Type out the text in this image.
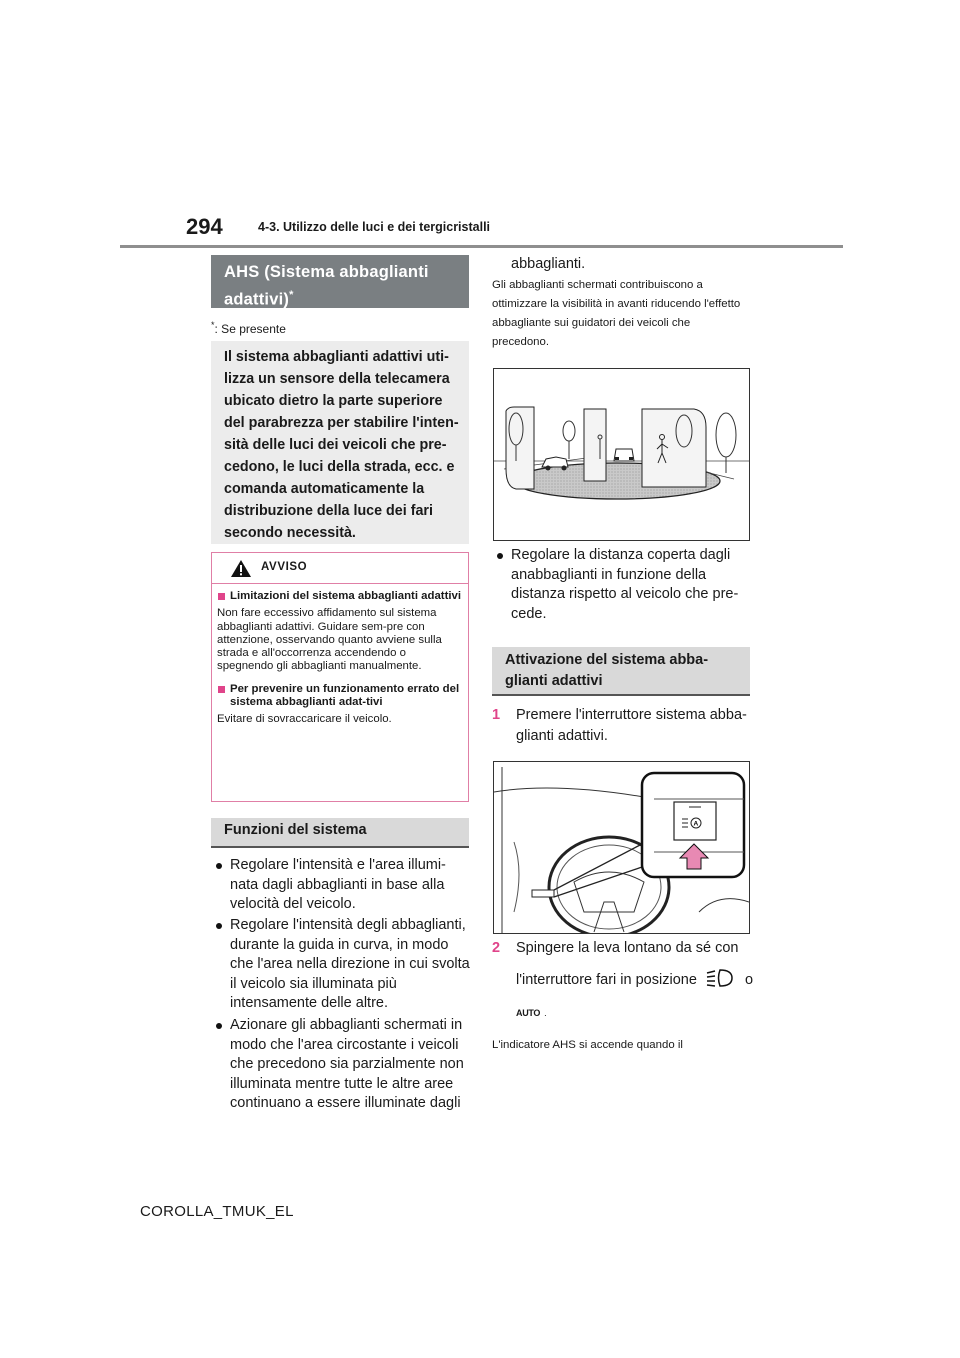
294	4-3. Utilizzo delle luci e dei tergicristalli
AHS (Sistema abbaglianti adattivi)*
*: Se presente
Il sistema abbaglianti adattivi uti-lizza un sensore della telecamera ubicato dietro la parte superiore del parabrezza per stabilire l'inten-sità delle luci dei veicoli che pre-cedono, le luci della strada, ecc. e comanda automaticamente la distribuzione della luce dei fari secondo necessità.
AVVISO
Limitazioni del sistema abbaglianti adattivi
Non fare eccessivo affidamento sul sistema abbaglianti adattivi. Guidare sem-pre con attenzione, osservando quanto avviene sulla strada e all'occorrenza accendendo o spegnendo gli abbaglianti manualmente.
Per prevenire un funzionamento errato del sistema abbaglianti adat-tivi
Evitare di sovraccaricare il veicolo.
Funzioni del sistema
Regolare l'intensità e l'area illumi-nata dagli abbaglianti in base alla velocità del veicolo.
Regolare l'intensità degli abbaglianti, durante la guida in curva, in modo che l'area nella direzione in cui svolta il veicolo sia illuminata più intensamente delle altre.
Azionare gli abbaglianti schermati in modo che l'area circostante i veicoli che precedono sia parzialmente non illuminata mentre tutte le altre aree continuano a essere illuminate dagli
abbaglianti.
Gli abbaglianti schermati contribuiscono a ottimizzare la visibilità in avanti riducendo l'effetto abbagliante sui guidatori dei veicoli che precedono.
Regolare la distanza coperta dagli anabbaglianti in funzione della distanza rispetto al veicolo che pre-cede.
Attivazione del sistema abba-glianti adattivi
1 Premere l'interruttore sistema abba-glianti adattivi.
A
2 Spingere la leva lontano da sé con
l'interruttore fari in posizione	o
AUTO .
L'indicatore AHS si accende quando il
COROLLA_TMUK_EL
